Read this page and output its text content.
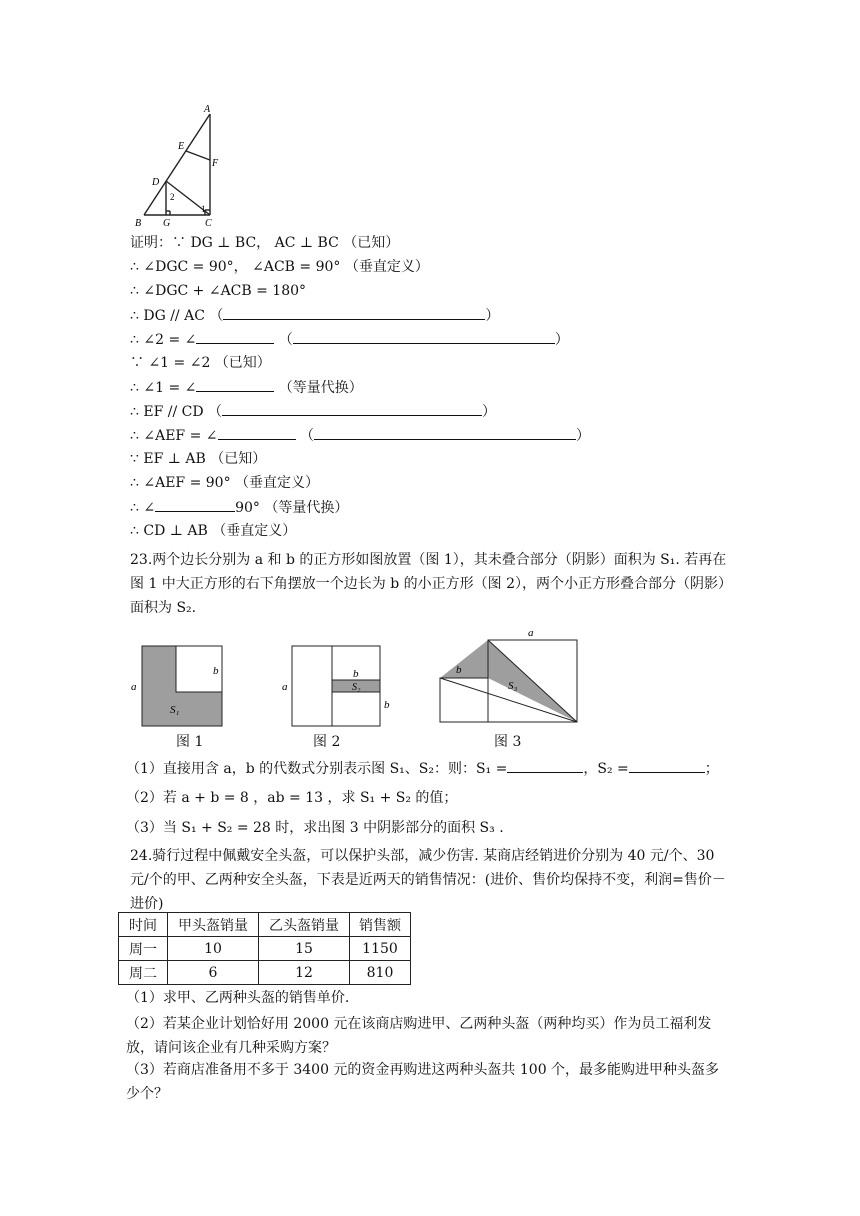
A
E
F
D
B G	C
2
1
证明：∵ DG ⊥ BC， AC ⊥ BC （已知）
∴ ∠DGC = 90°， ∠ACB = 90° （垂直定义）
∴ ∠DGC + ∠ACB = 180°
∴ DG // AC （	）
∴ ∠2 = ∠	（	）
∵ ∠1 = ∠2 （已知）
∴ ∠1 = ∠	（等量代换）
∴ EF // CD （	）
∴ ∠AEF = ∠	（	）
∵ EF ⊥ AB （已知）
∴ ∠AEF = 90° （垂直定义）
∴ ∠	90° （等量代换）
∴ CD ⊥ AB （垂直定义）
23.两个边长分别为 a 和 b 的正方形如图放置（图 1），其未叠合部分（阴影）面积为 S₁. 若再在图 1 中大正方形的右下角摆放一个边长为 b 的小正方形（图 2），两个小正方形叠合部分（阴影）面积为 S₂.
a
b
S₁
图 1
a
b
S₂
b
图 2
a
b
S₃
图 3
（1）直接用含 a，b 的代数式分别表示图 S₁、S₂：则：S₁ =	，S₂ =	；
（2）若 a + b = 8 ，ab = 13 ，求 S₁ + S₂ 的值；
（3）当 S₁ + S₂ = 28 时，求出图 3 中阴影部分的面积 S₃ .
24.骑行过程中佩戴安全头盔，可以保护头部，减少伤害. 某商店经销进价分别为 40 元/个、30 元/个的甲、乙两种安全头盔，下表是近两天的销售情况：(进价、售价均保持不变，利润=售价－进价)
时间	甲头盔销量	乙头盔销量	销售额
周一	10	15	1150
周二	6	12	810
（1）求甲、乙两种头盔的销售单价.
（2）若某企业计划恰好用 2000 元在该商店购进甲、乙两种头盔（两种均买）作为员工福利发放，请问该企业有几种采购方案？
（3）若商店准备用不多于 3400 元的资金再购进这两种头盔共 100 个，最多能购进甲种头盔多少个？
